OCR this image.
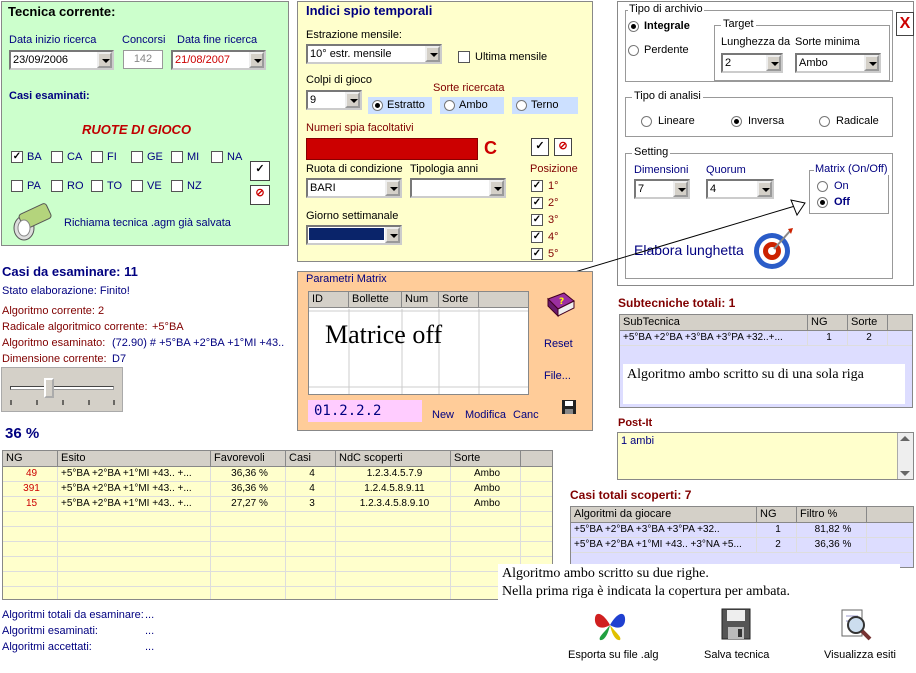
Tecnica corrente:
Data inizio ricerca
23/09/2006
Concorsi
142
Data fine ricerca
21/08/2007
Casi esaminati:
RUOTE DI GIOCO
✓
⊘
Richiama tecnica .agm già salvata
✓ BA CA FI	GE MI	NA
PA RO TO VE NZ
Indici spio temporali
Estrazione mensile:
10° estr. mensile	Ultima mensile
Colpi di gioco
9
Sorte ricercata
Estratto	Ambo	Terno
Numeri spia facoltativi
C	✓	⊘
Ruota di condizione
BARI
Tipologia anni
Giorno settimanale
Posizione
✓ 1°
✓ 2°
✓ 3°
✓ 4°
✓ 5°
X
Tipo di archivio
Integrale
Perdente
Target
Lunghezza da
2
Sorte minima
Ambo
Tipo di analisi
Lineare	Inversa	Radicale
Setting
Dimensioni
7
Quorum
4
Matrix (On/Off)
On
Off
Elabora lunghetta
Parametri Matrix
ID	Bollette	Num	Sorte
Matrice off
?
Reset
File...
01.2.2.2	New Modifica Canc
Casi da esaminare: 11
Stato elaborazione: Finito!
Algoritmo corrente: 2
Radicale algoritmico corrente: +5°BA
Algoritmo esaminato: (72.90) # +5°BA +2°BA +1°MI +43..
Dimensione corrente: D7
36 %
NG	Esito	Favorevoli	Casi	NdC scoperti	Sorte
49	+5°BA +2°BA +1°MI +43.. +...	36,36 %	4	1.2.3.4.5.7.9	Ambo
391	+5°BA +2°BA +1°MI +43.. +...	36,36 %	4	1.2.4.5.8.9.11	Ambo
15	+5°BA +2°BA +1°MI +43.. +...	27,27 %	3	1.2.3.4.5.8.9.10	Ambo
Algoritmi totali da esaminare: ...
Algoritmi esaminati:	...
Algoritmi accettati:	...
Subtecniche totali: 1
SubTecnica	NG	Sorte
+5°BA +2°BA +3°BA +3°PA +32..+...	1	2
Algoritmo ambo scritto su di una sola riga
Post-It
1 ambi
Casi totali scoperti: 7
Algoritmi da giocare	NG	Filtro %
+5°BA +2°BA +3°BA +3°PA +32..	1	81,82 %
+5°BA +2°BA +1°MI +43.. +3°NA +5...	2	36,36 %
Algoritmo ambo scritto su due righe.
Nella prima riga è indicata la copertura per ambata.
Esporta su file .alg	Salva tecnica	Visualizza esiti
